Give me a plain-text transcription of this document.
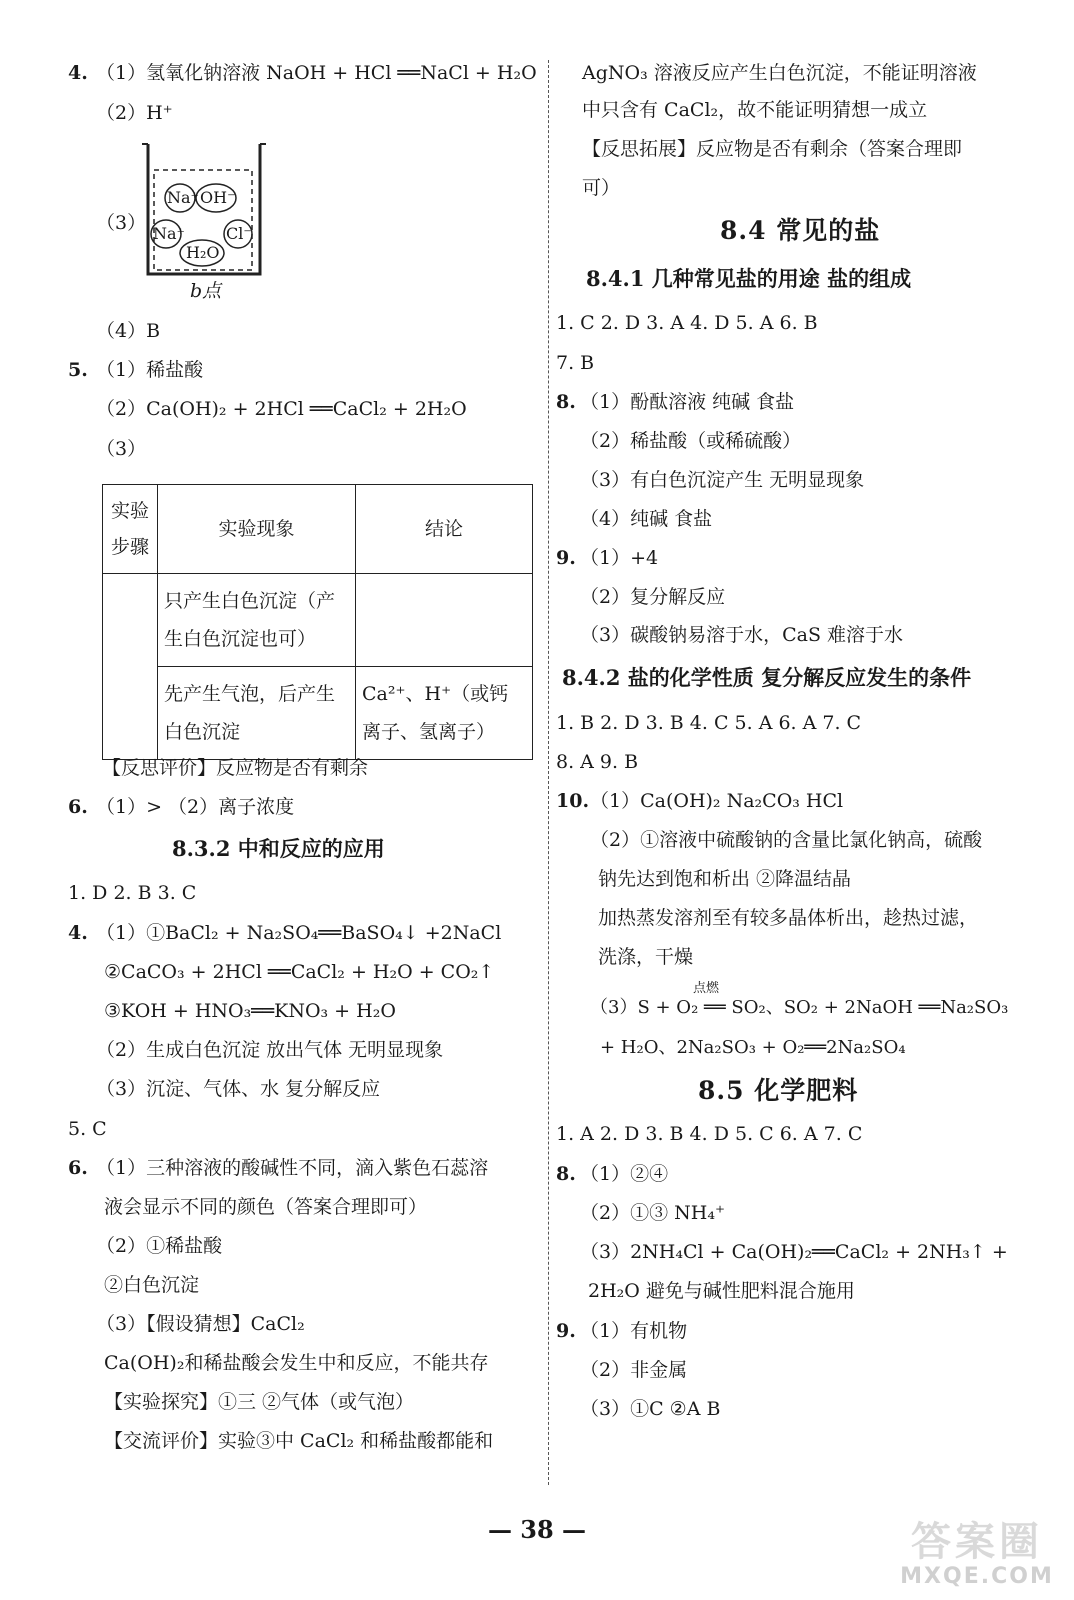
4. （1）氢氧化钠溶液 NaOH + HCl ══NaCl + H₂O
（2）H⁺
（3）
Na⁺ OH⁻
Na⁺	Cl⁻
H₂O
b点
（4）B
5. （1）稀盐酸
（2）Ca(OH)₂ + 2HCl ══CaCl₂ + 2H₂O
（3）
实验
步骤	实验现象	结论
	只产生白色沉淀（产生白色沉淀也可）	
	先产生气泡，后产生白色沉淀	Ca²⁺、H⁺（或钙离子、氢离子）
【反思评价】反应物是否有剩余
6. （1）> （2）离子浓度
8.3.2 中和反应的应用
1. D 2. B 3. C
4. （1）①BaCl₂ + Na₂SO₄══BaSO₄↓ +2NaCl
②CaCO₃ + 2HCl ══CaCl₂ + H₂O + CO₂↑
③KOH + HNO₃══KNO₃ + H₂O
（2）生成白色沉淀 放出气体 无明显现象
（3）沉淀、气体、水 复分解反应
5. C
6. （1）三种溶液的酸碱性不同，滴入紫色石蕊溶
液会显示不同的颜色（答案合理即可）
（2）①稀盐酸
②白色沉淀
（3）【假设猜想】CaCl₂
Ca(OH)₂和稀盐酸会发生中和反应，不能共存
【实验探究】①三 ②气体（或气泡）
【交流评价】实验③中 CaCl₂ 和稀盐酸都能和
AgNO₃ 溶液反应产生白色沉淀，不能证明溶液
中只含有 CaCl₂，故不能证明猜想一成立
【反思拓展】反应物是否有剩余（答案合理即
可）
8.4 常见的盐
8.4.1 几种常见盐的用途 盐的组成
1. C 2. D 3. A 4. D 5. A 6. B
7. B
8. （1）酚酞溶液 纯碱 食盐
（2）稀盐酸（或稀硫酸）
（3）有白色沉淀产生 无明显现象
（4）纯碱 食盐
9. （1）+4
（2）复分解反应
（3）碳酸钠易溶于水，CaS 难溶于水
8.4.2 盐的化学性质 复分解反应发生的条件
1. B 2. D 3. B 4. C 5. A 6. A 7. C
8. A 9. B
10. （1）Ca(OH)₂ Na₂CO₃ HCl
（2）①溶液中硫酸钠的含量比氯化钠高，硫酸
钠先达到饱和析出 ②降温结晶
加热蒸发溶剂至有较多晶体析出，趁热过滤，
洗涤，干燥
点燃
（3）S + O₂ ══ SO₂、SO₂ + 2NaOH ══Na₂SO₃
+ H₂O、2Na₂SO₃ + O₂══2Na₂SO₄
8.5 化学肥料
1. A 2. D 3. B 4. D 5. C 6. A 7. C
8. （1）②④
（2）①③ NH₄⁺
（3）2NH₄Cl + Ca(OH)₂══CaCl₂ + 2NH₃↑ +
2H₂O 避免与碱性肥料混合施用
9. （1）有机物
（2）非金属
（3）①C ②A B
— 38 —	答案圈
MXQE.COM
